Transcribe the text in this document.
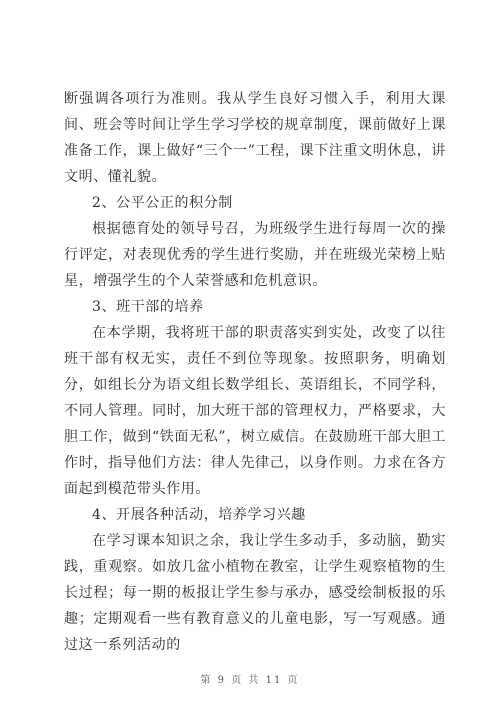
断强调各项行为准则。我从学生良好习惯入手，利用大课间、班会等时间让学生学习学校的规章制度，课前做好上课准备工作，课上做好“三个一”工程，课下注重文明休息，讲文明、懂礼貌。

2、公平公正的积分制

根据德育处的领导号召，为班级学生进行每周一次的操行评定，对表现优秀的学生进行奖励，并在班级光荣榜上贴星，增强学生的个人荣誉感和危机意识。

3、班干部的培养

在本学期，我将班干部的职责落实到实处，改变了以往班干部有权无实，责任不到位等现象。按照职务，明确划分，如组长分为语文组长数学组长、英语组长，不同学科，不同人管理。同时，加大班干部的管理权力，严格要求，大胆工作，做到“铁面无私”，树立威信。在鼓励班干部大胆工作时，指导他们方法：律人先律己，以身作则。力求在各方面起到模范带头作用。

4、开展各种活动，培养学习兴趣

在学习课本知识之余，我让学生多动手，多动脑，勤实践，重观察。如放几盆小植物在教室，让学生观察植物的生长过程；每一期的板报让学生参与承办，感受绘制板报的乐趣；定期观看一些有教育意义的儿童电影，写一写观感。通过这一系列活动的

第 9 页 共 11 页
